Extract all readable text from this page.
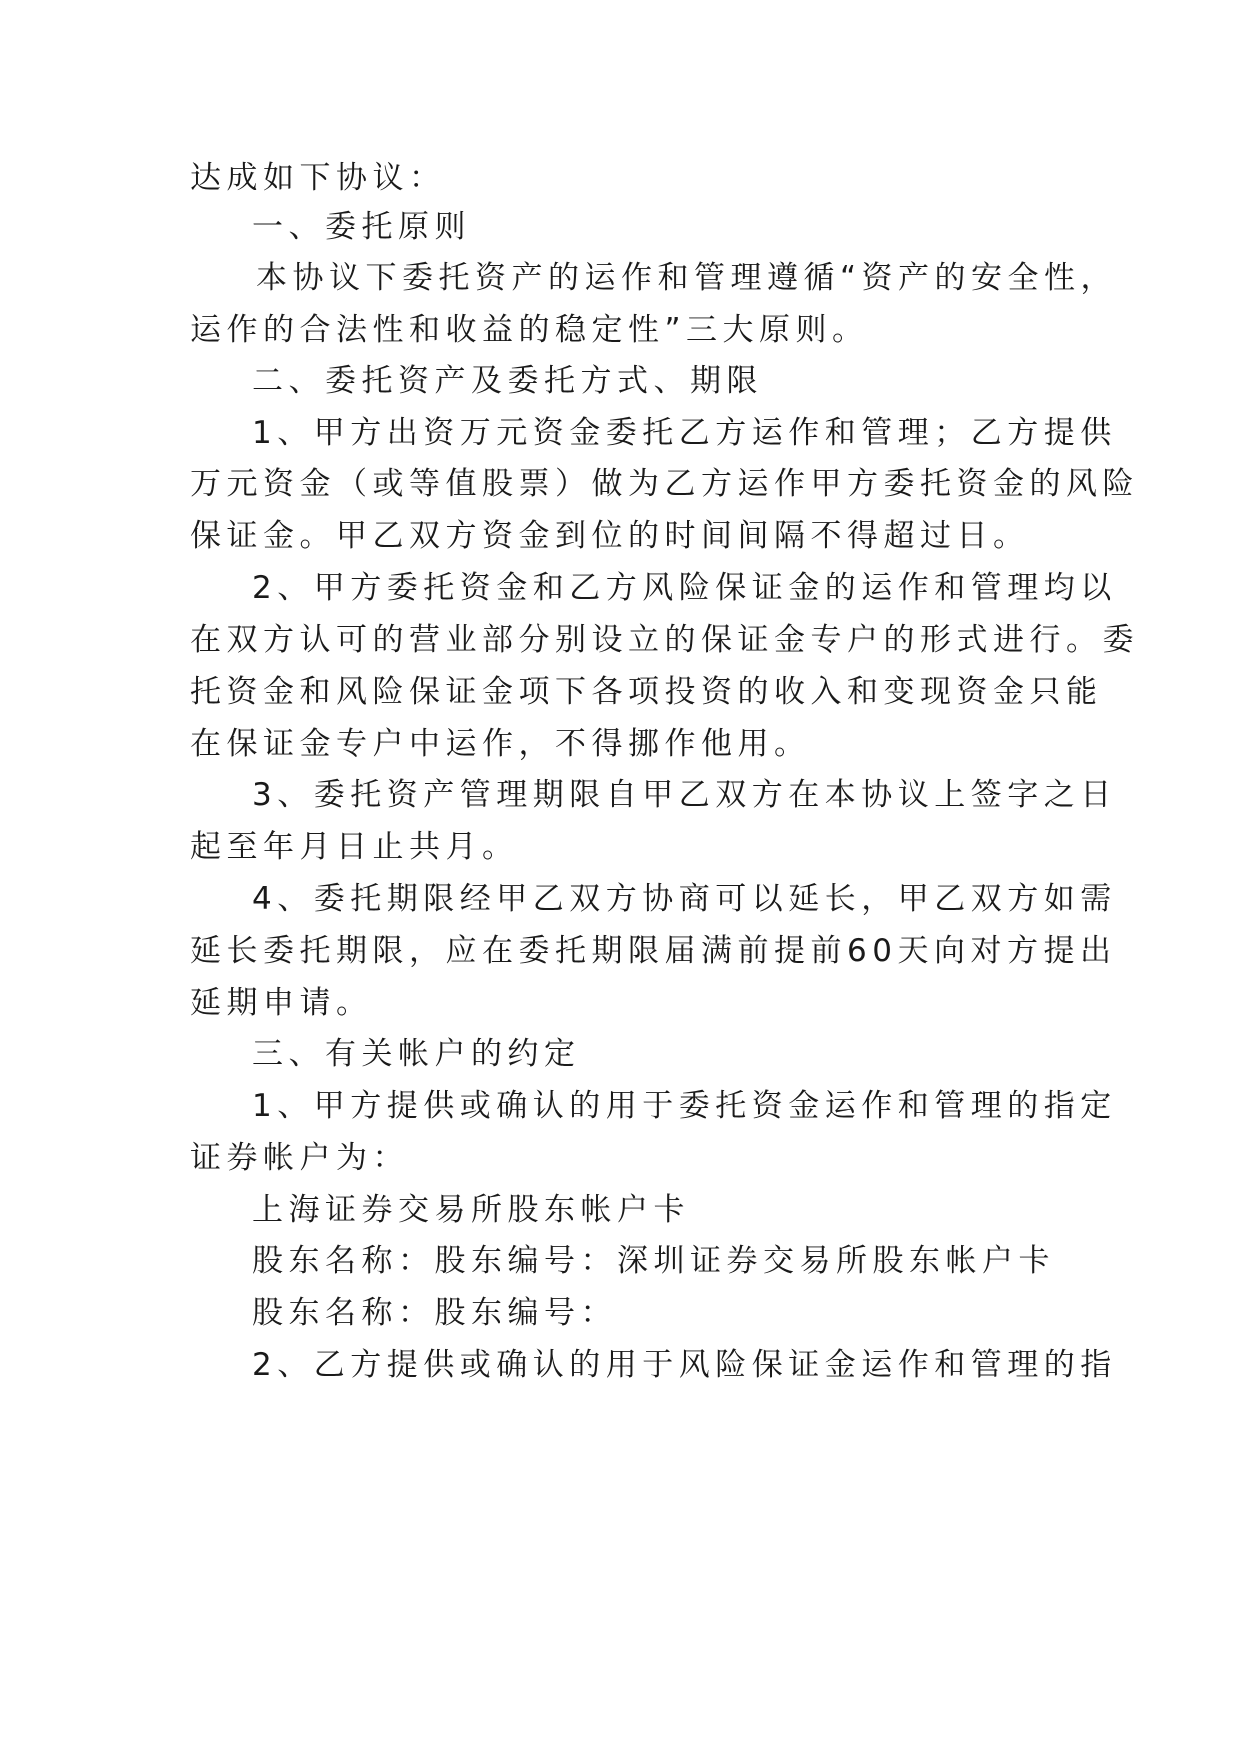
达成如下协议：
一、委托原则
本协议下委托资产的运作和管理遵循“资产的安全性，
运作的合法性和收益的稳定性”三大原则。
二、委托资产及委托方式、期限
1、甲方出资万元资金委托乙方运作和管理；乙方提供
万元资金（或等值股票）做为乙方运作甲方委托资金的风险
保证金。甲乙双方资金到位的时间间隔不得超过日。
2、甲方委托资金和乙方风险保证金的运作和管理均以
在双方认可的营业部分别设立的保证金专户的形式进行。委
托资金和风险保证金项下各项投资的收入和变现资金只能
在保证金专户中运作，不得挪作他用。
3、委托资产管理期限自甲乙双方在本协议上签字之日
起至年月日止共月。
4、委托期限经甲乙双方协商可以延长，甲乙双方如需
延长委托期限，应在委托期限届满前提前60天向对方提出
延期申请。
三、有关帐户的约定
1、甲方提供或确认的用于委托资金运作和管理的指定
证券帐户为：
上海证券交易所股东帐户卡
股东名称：股东编号：深圳证券交易所股东帐户卡
股东名称：股东编号：
2、乙方提供或确认的用于风险保证金运作和管理的指
